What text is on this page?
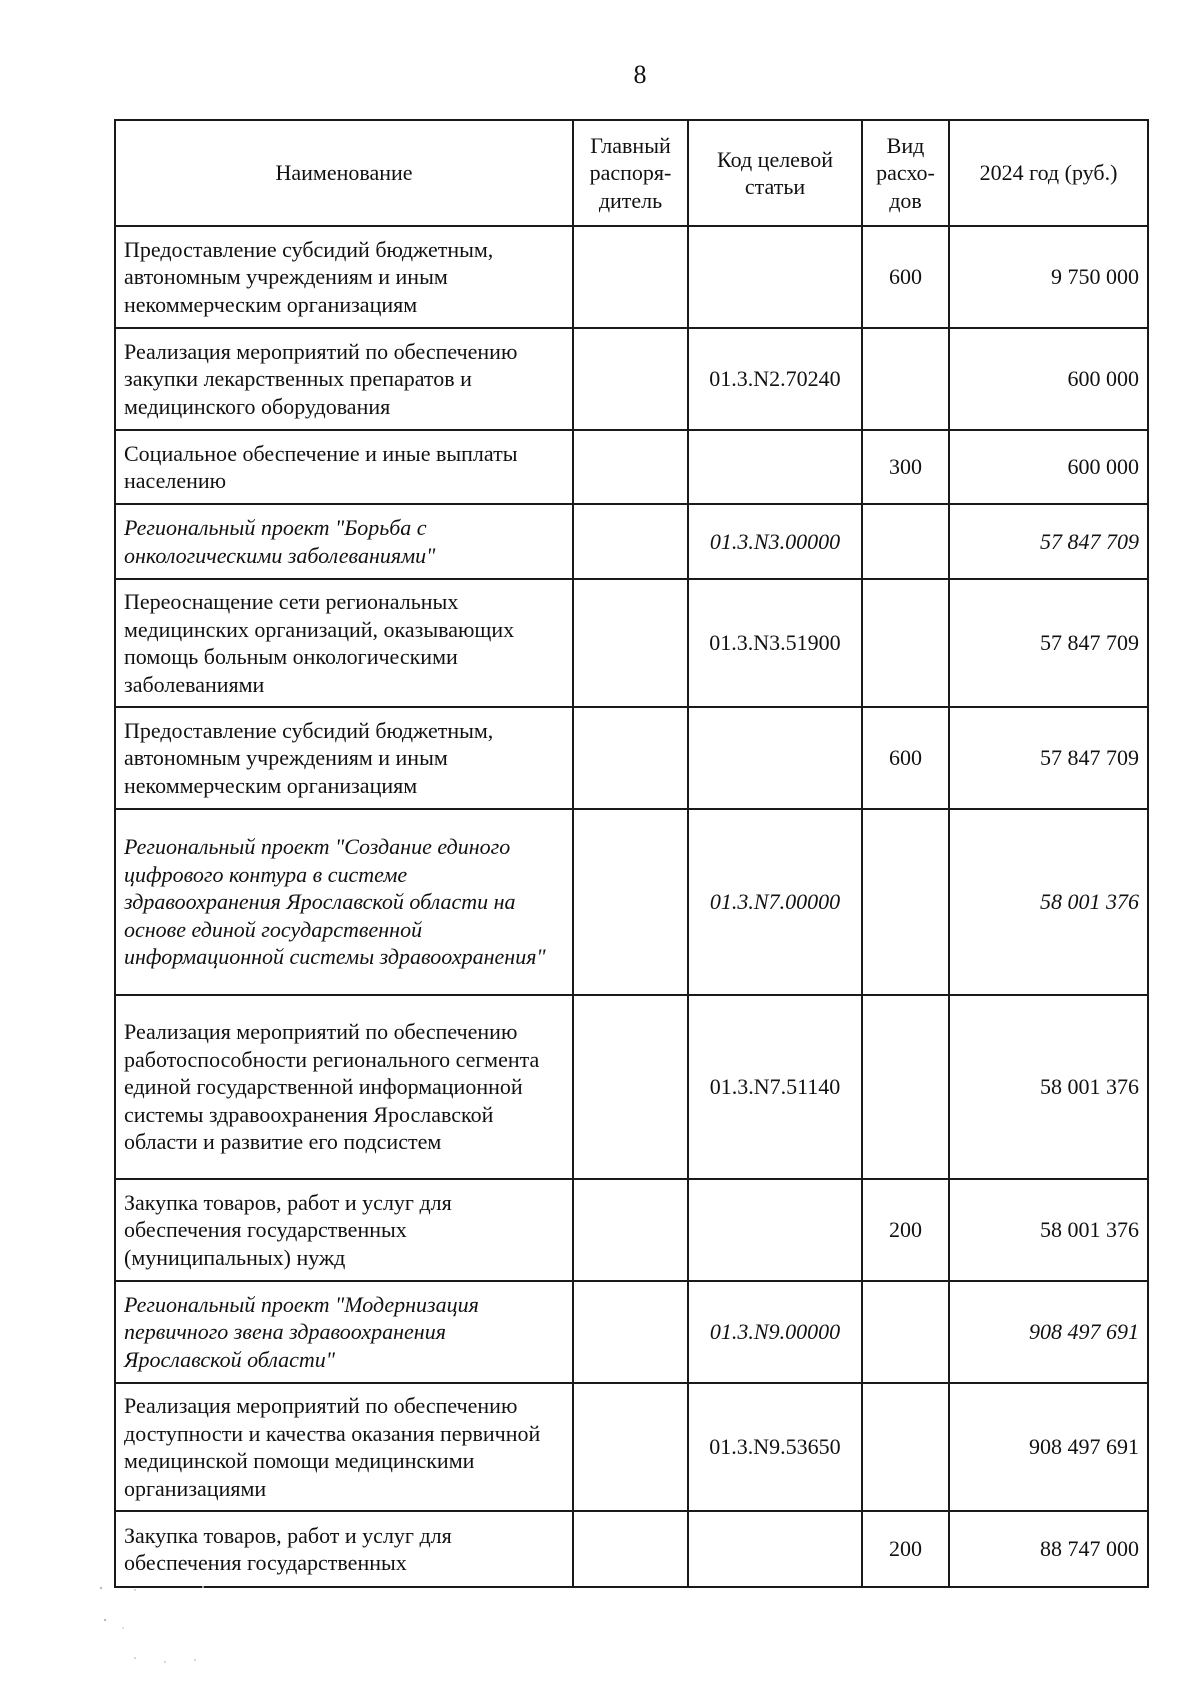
8
Наименование	Главный распоря-дитель	Код целевой статьи	Вид расхо-дов	2024 год (руб.)
Предоставление субсидий бюджетным, автономным учреждениям и иным некоммерческим организациям			600	9 750 000
Реализация мероприятий по обеспечению закупки лекарственных препаратов и медицинского оборудования		01.3.N2.70240		600 000
Социальное обеспечение и иные выплаты населению			300	600 000
Региональный проект "Борьба с онкологическими заболеваниями"		01.3.N3.00000		57 847 709
Переоснащение сети региональных медицинских организаций, оказывающих помощь больным онкологическими заболеваниями		01.3.N3.51900		57 847 709
Предоставление субсидий бюджетным, автономным учреждениям и иным некоммерческим организациям			600	57 847 709
Региональный проект "Создание единого цифрового контура в системе здравоохранения Ярославской области на основе единой государственной информационной системы здравоохранения"		01.3.N7.00000		58 001 376
Реализация мероприятий по обеспечению работоспособности регионального сегмента единой государственной информационной системы здравоохранения Ярославской области и развитие его подсистем		01.3.N7.51140		58 001 376
Закупка товаров, работ и услуг для обеспечения государственных (муниципальных) нужд			200	58 001 376
Региональный проект "Модернизация первичного звена здравоохранения Ярославской области"		01.3.N9.00000		908 497 691
Реализация мероприятий по обеспечению доступности и качества оказания первичной медицинской помощи медицинскими организациями		01.3.N9.53650		908 497 691
Закупка товаров, работ и услуг для обеспечения государственных			200	88 747 000
